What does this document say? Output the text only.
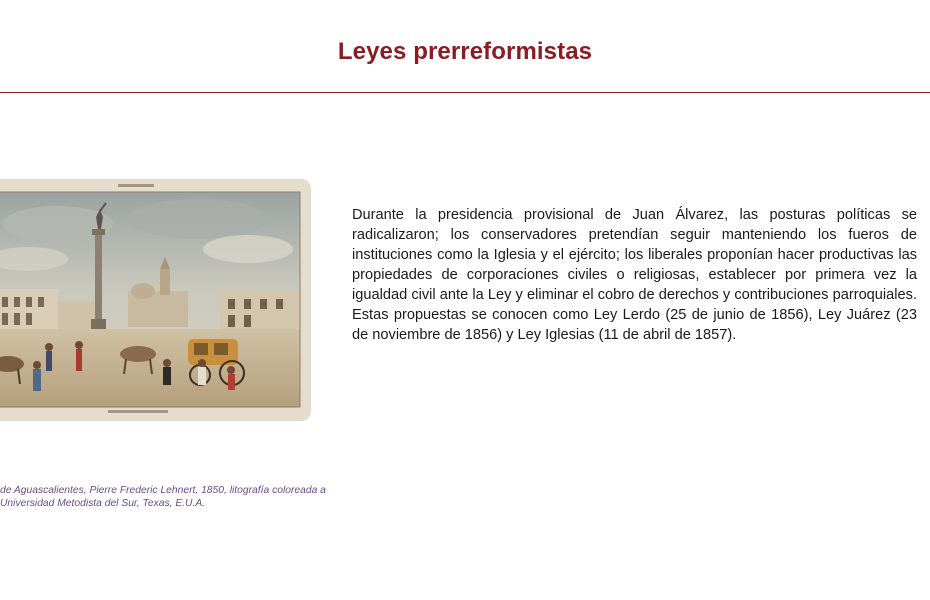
Leyes prerreformistas
de Aguascalientes, Pierre Frederic Lehnert, 1850, litografía coloreada a
Universidad Metodista del Sur, Texas, E.U.A.

Durante la presidencia provisional de Juan Álvarez, las posturas políticas se radicalizaron; los conservadores pretendían seguir manteniendo los fueros de instituciones como la Iglesia y el ejército; los liberales proponían hacer productivas las propiedades de corporaciones civiles o religiosas, establecer por primera vez la igualdad civil ante la Ley y eliminar el cobro de derechos y contribuciones parroquiales. Estas propuestas se conocen como Ley Lerdo (25 de junio de 1856), Ley Juárez (23 de noviembre de 1856) y Ley Iglesias (11 de abril de 1857).
